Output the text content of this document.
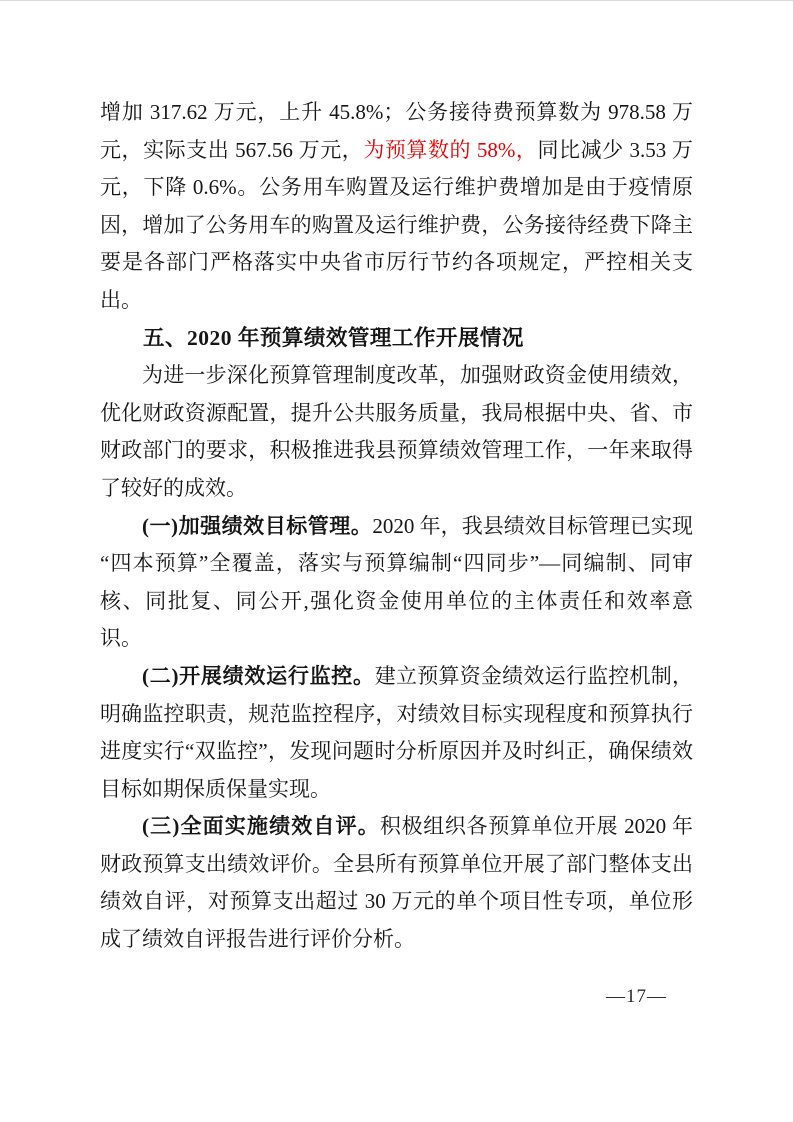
增加 317.62 万元，上升 45.8%；公务接待费预算数为 978.58 万元，实际支出 567.56 万元，为预算数的 58%，同比减少 3.53 万元，下降 0.6%。公务用车购置及运行维护费增加是由于疫情原因，增加了公务用车的购置及运行维护费，公务接待经费下降主要是各部门严格落实中央省市厉行节约各项规定，严控相关支出。

五、2020 年预算绩效管理工作开展情况

为进一步深化预算管理制度改革，加强财政资金使用绩效，优化财政资源配置，提升公共服务质量，我局根据中央、省、市财政部门的要求，积极推进我县预算绩效管理工作，一年来取得了较好的成效。

(一)加强绩效目标管理。2020 年，我县绩效目标管理已实现“四本预算”全覆盖，落实与预算编制“四同步”—同编制、同审核、同批复、同公开,强化资金使用单位的主体责任和效率意识。

(二)开展绩效运行监控。建立预算资金绩效运行监控机制，明确监控职责，规范监控程序，对绩效目标实现程度和预算执行进度实行“双监控”，发现问题时分析原因并及时纠正，确保绩效目标如期保质保量实现。

(三)全面实施绩效自评。积极组织各预算单位开展 2020 年财政预算支出绩效评价。全县所有预算单位开展了部门整体支出绩效自评，对预算支出超过 30 万元的单个项目性专项，单位形成了绩效自评报告进行评价分析。

—17—
